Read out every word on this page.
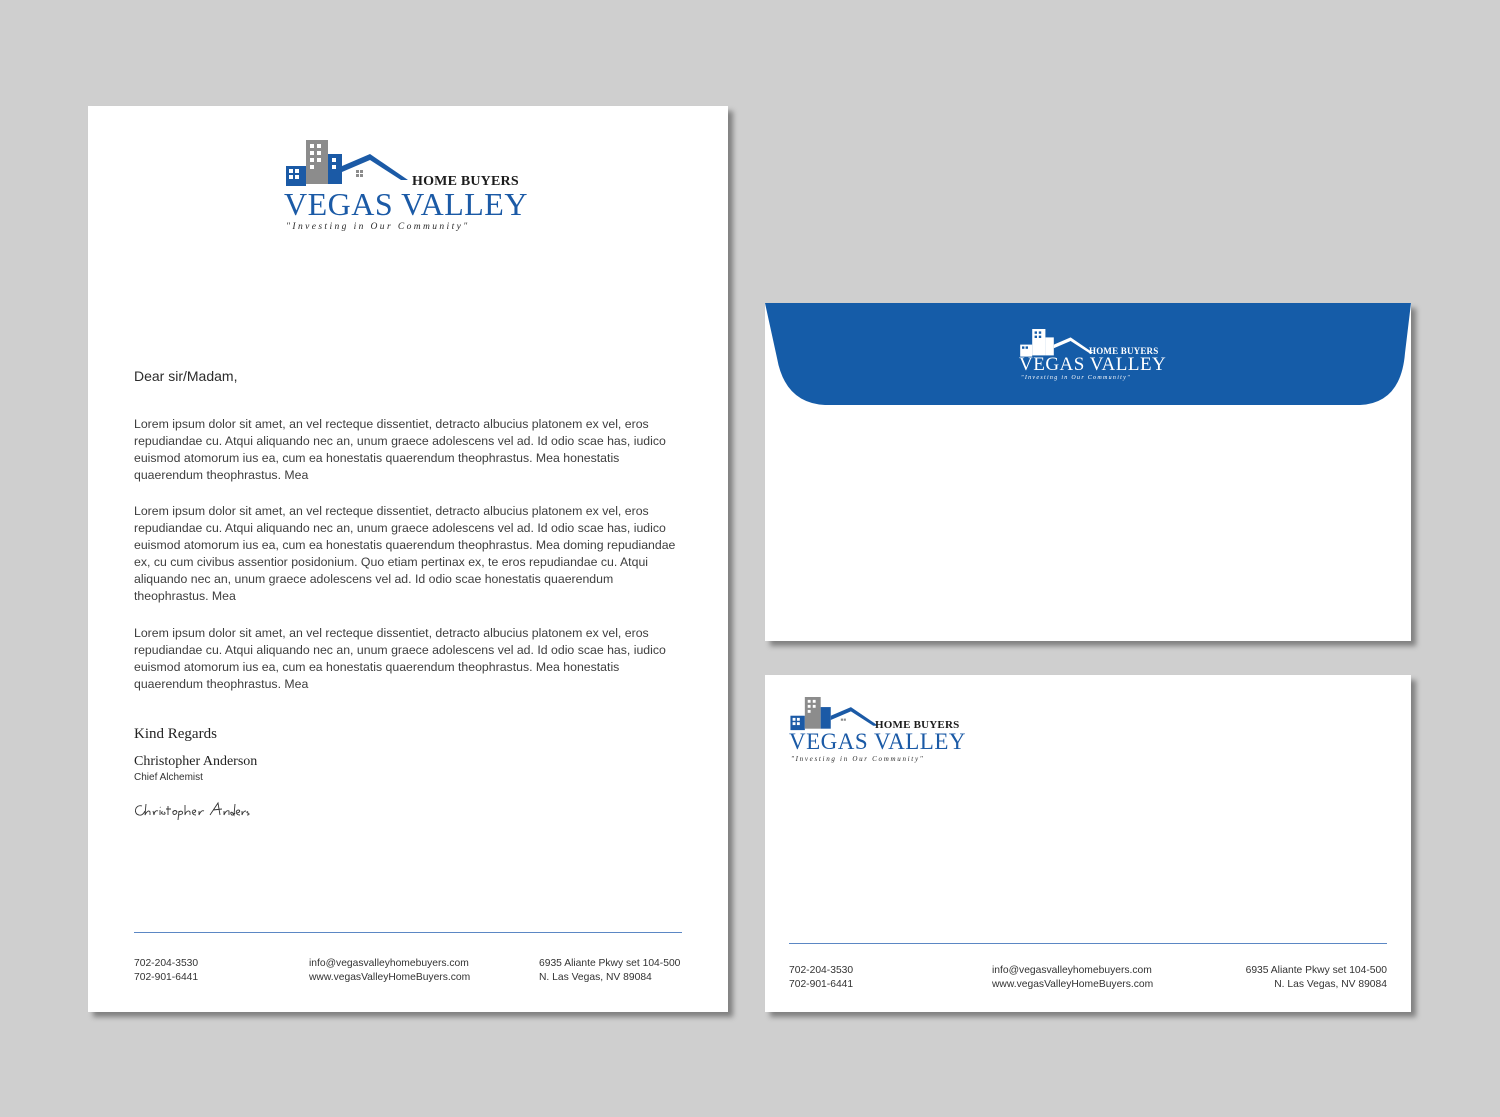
HOME BUYERS
VEGAS VALLEY
"Investing in Our Community"
Dear sir/Madam,

Lorem ipsum dolor sit amet, an vel recteque dissentiet, detracto albucius platonem ex vel, eros repudiandae cu. Atqui aliquando nec an, unum graece adolescens vel ad. Id odio scae has, iudico euismod atomorum ius ea, cum ea honestatis quaerendum theophrastus. Mea honestatis quaerendum theophrastus. Mea

Lorem ipsum dolor sit amet, an vel recteque dissentiet, detracto albucius platonem ex vel, eros repudiandae cu. Atqui aliquando nec an, unum graece adolescens vel ad. Id odio scae has, iudico euismod atomorum ius ea, cum ea honestatis quaerendum theophrastus. Mea doming repudiandae ex, cu cum civibus assentior posidonium. Quo etiam pertinax ex, te eros repudiandae cu. Atqui aliquando nec an, unum graece adolescens vel ad. Id odio scae honestatis quaerendum theophrastus. Mea

Lorem ipsum dolor sit amet, an vel recteque dissentiet, detracto albucius platonem ex vel, eros repudiandae cu. Atqui aliquando nec an, unum graece adolescens vel ad. Id odio scae has, iudico euismod atomorum ius ea, cum ea honestatis quaerendum theophrastus. Mea honestatis quaerendum theophrastus. Mea

Kind Regards
Christopher Anderson
Chief Alchemist
702-204-3530
702-901-6441
info@vegasvalleyhomebuyers.com
www.vegasValleyHomeBuyers.com
6935 Aliante Pkwy set 104-500
N. Las Vegas, NV 89084
HOME BUYERS
VEGAS VALLEY
"Investing in Our Community"
HOME BUYERS
VEGAS VALLEY
"Investing in Our Community"
702-204-3530
702-901-6441
info@vegasvalleyhomebuyers.com
www.vegasValleyHomeBuyers.com
6935 Aliante Pkwy set 104-500
N. Las Vegas, NV 89084
